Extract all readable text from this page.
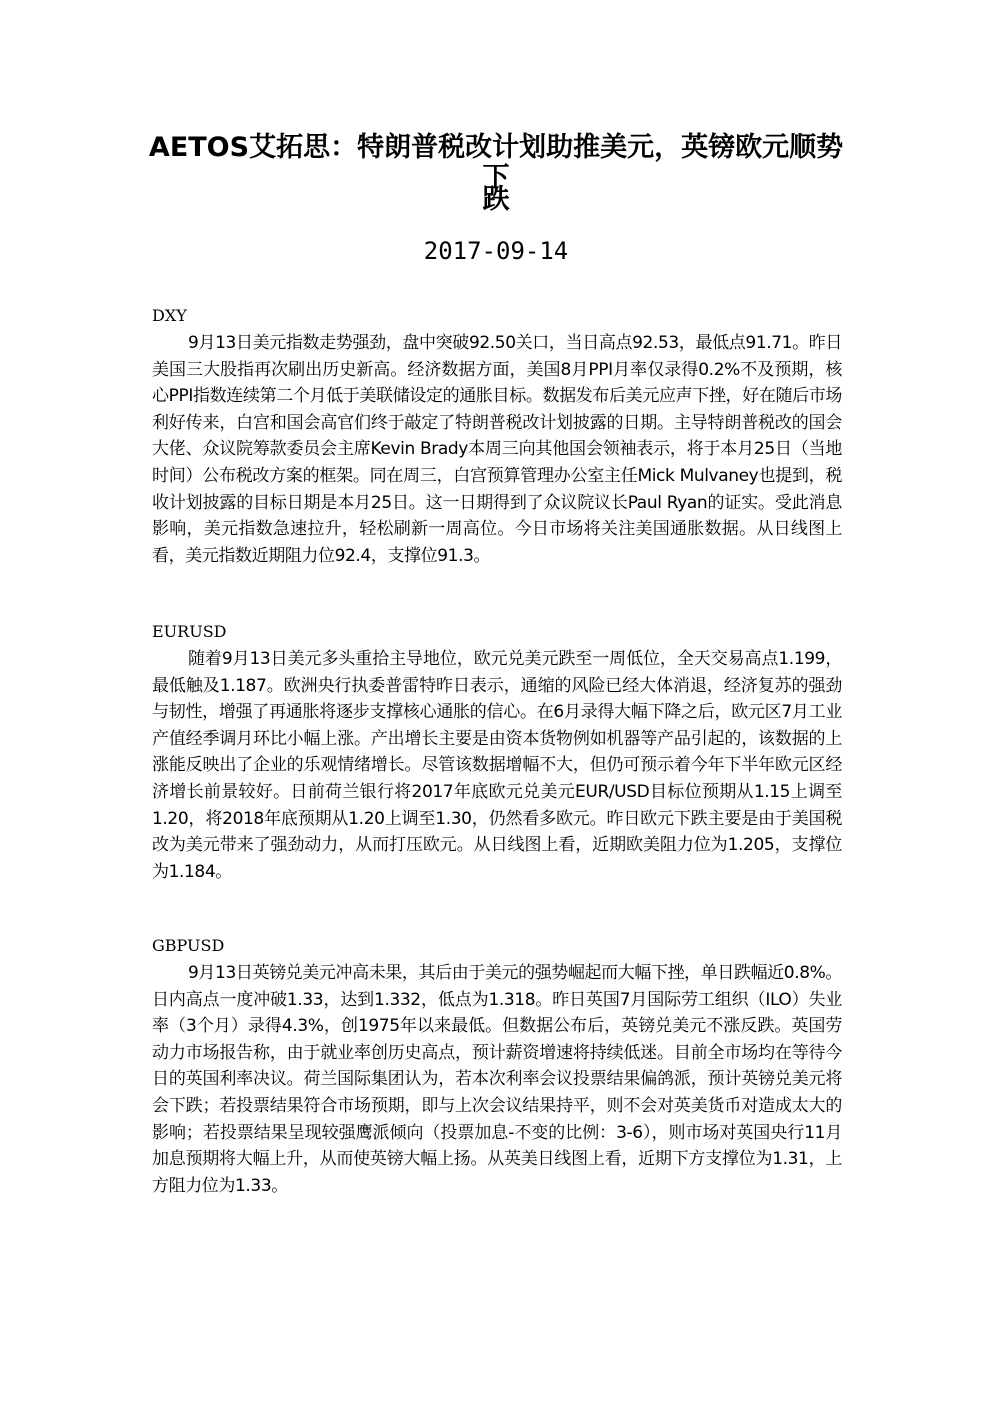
AETOS艾拓思：特朗普税改计划助推美元，英镑欧元顺势下
跌
2017-09-14
DXY

9月13日美元指数走势强劲，盘中突破92.50关口，当日高点92.53，最低点91.71。昨日美国三大股指再次刷出历史新高。经济数据方面，美国8月PPI月率仅录得0.2%不及预期，核心PPI指数连续第二个月低于美联储设定的通胀目标。数据发布后美元应声下挫，好在随后市场利好传来，白宫和国会高官们终于敲定了特朗普税改计划披露的日期。主导特朗普税改的国会大佬、众议院筹款委员会主席Kevin Brady本周三向其他国会领袖表示，将于本月25日（当地时间）公布税改方案的框架。同在周三，白宫预算管理办公室主任Mick Mulvaney也提到，税收计划披露的目标日期是本月25日。这一日期得到了众议院议长Paul Ryan的证实。受此消息影响，美元指数急速拉升，轻松刷新一周高位。今日市场将关注美国通胀数据。从日线图上看，美元指数近期阻力位92.4，支撑位91.3。

EURUSD

随着9月13日美元多头重拾主导地位，欧元兑美元跌至一周低位，全天交易高点1.199，最低触及1.187。欧洲央行执委普雷特昨日表示，通缩的风险已经大体消退，经济复苏的强劲与韧性，增强了再通胀将逐步支撑核心通胀的信心。在6月录得大幅下降之后，欧元区7月工业产值经季调月环比小幅上涨。产出增长主要是由资本货物例如机器等产品引起的，该数据的上涨能反映出了企业的乐观情绪增长。尽管该数据增幅不大，但仍可预示着今年下半年欧元区经济增长前景较好。日前荷兰银行将2017年底欧元兑美元EUR/USD目标位预期从1.15上调至1.20，将2018年底预期从1.20上调至1.30，仍然看多欧元。昨日欧元下跌主要是由于美国税改为美元带来了强劲动力，从而打压欧元。从日线图上看，近期欧美阻力位为1.205，支撑位为1.184。

GBPUSD

9月13日英镑兑美元冲高未果，其后由于美元的强势崛起而大幅下挫，单日跌幅近0.8%。日内高点一度冲破1.33，达到1.332，低点为1.318。昨日英国7月国际劳工组织（ILO）失业率（3个月）录得4.3%，创1975年以来最低。但数据公布后，英镑兑美元不涨反跌。英国劳动力市场报告称，由于就业率创历史高点，预计薪资增速将持续低迷。目前全市场均在等待今日的英国利率决议。荷兰国际集团认为，若本次利率会议投票结果偏鸽派，预计英镑兑美元将会下跌；若投票结果符合市场预期，即与上次会议结果持平，则不会对英美货币对造成太大的影响；若投票结果呈现较强鹰派倾向（投票加息-不变的比例：3-6），则市场对英国央行11月加息预期将大幅上升，从而使英镑大幅上扬。从英美日线图上看，近期下方支撑位为1.31，上方阻力位为1.33。
